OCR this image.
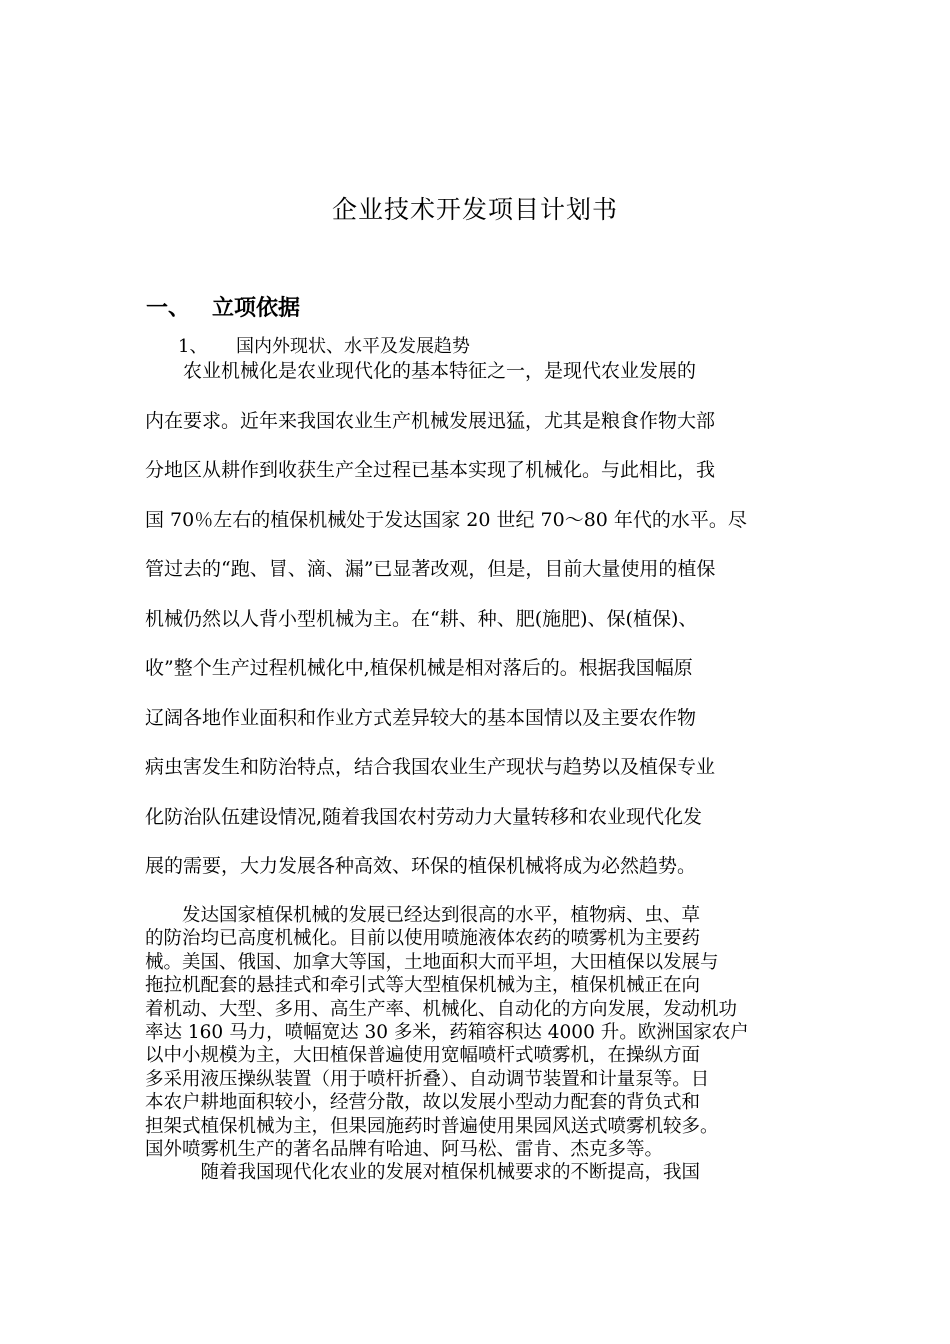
企业技术开发项目计划书
一、 立项依据
1、 国内外现状、水平及发展趋势
　　农业机械化是农业现代化的基本特征之一，是现代农业发展的
内在要求。近年来我国农业生产机械发展迅猛，尤其是粮食作物大部
分地区从耕作到收获生产全过程已基本实现了机械化。与此相比，我
国 70％左右的植保机械处于发达国家 20 世纪 70～80 年代的水平。尽
管过去的“跑、冒、滴、漏”已显著改观，但是，目前大量使用的植保
机械仍然以人背小型机械为主。在“耕、种、肥(施肥)、保(植保)、
收”整个生产过程机械化中,植保机械是相对落后的。根据我国幅原
辽阔各地作业面积和作业方式差异较大的基本国情以及主要农作物
病虫害发生和防治特点，结合我国农业生产现状与趋势以及植保专业
化防治队伍建设情况,随着我国农村劳动力大量转移和农业现代化发
展的需要，大力发展各种高效、环保的植保机械将成为必然趋势。
　　发达国家植保机械的发展已经达到很高的水平，植物病、虫、草
的防治均已高度机械化。目前以使用喷施液体农药的喷雾机为主要药
械。美国、俄国、加拿大等国，土地面积大而平坦，大田植保以发展与
拖拉机配套的悬挂式和牵引式等大型植保机械为主，植保机械正在向
着机动、大型、多用、高生产率、机械化、自动化的方向发展，发动机功
率达 160 马力，喷幅宽达 30 多米，药箱容积达 4000 升。欧洲国家农户
以中小规模为主，大田植保普遍使用宽幅喷杆式喷雾机，在操纵方面
多采用液压操纵装置（用于喷杆折叠）、自动调节装置和计量泵等。日
本农户耕地面积较小，经营分散，故以发展小型动力配套的背负式和
担架式植保机械为主，但果园施药时普遍使用果园风送式喷雾机较多。
国外喷雾机生产的著名品牌有哈迪、阿马松、雷肯、杰克多等。
　　　随着我国现代化农业的发展对植保机械要求的不断提高，我国
